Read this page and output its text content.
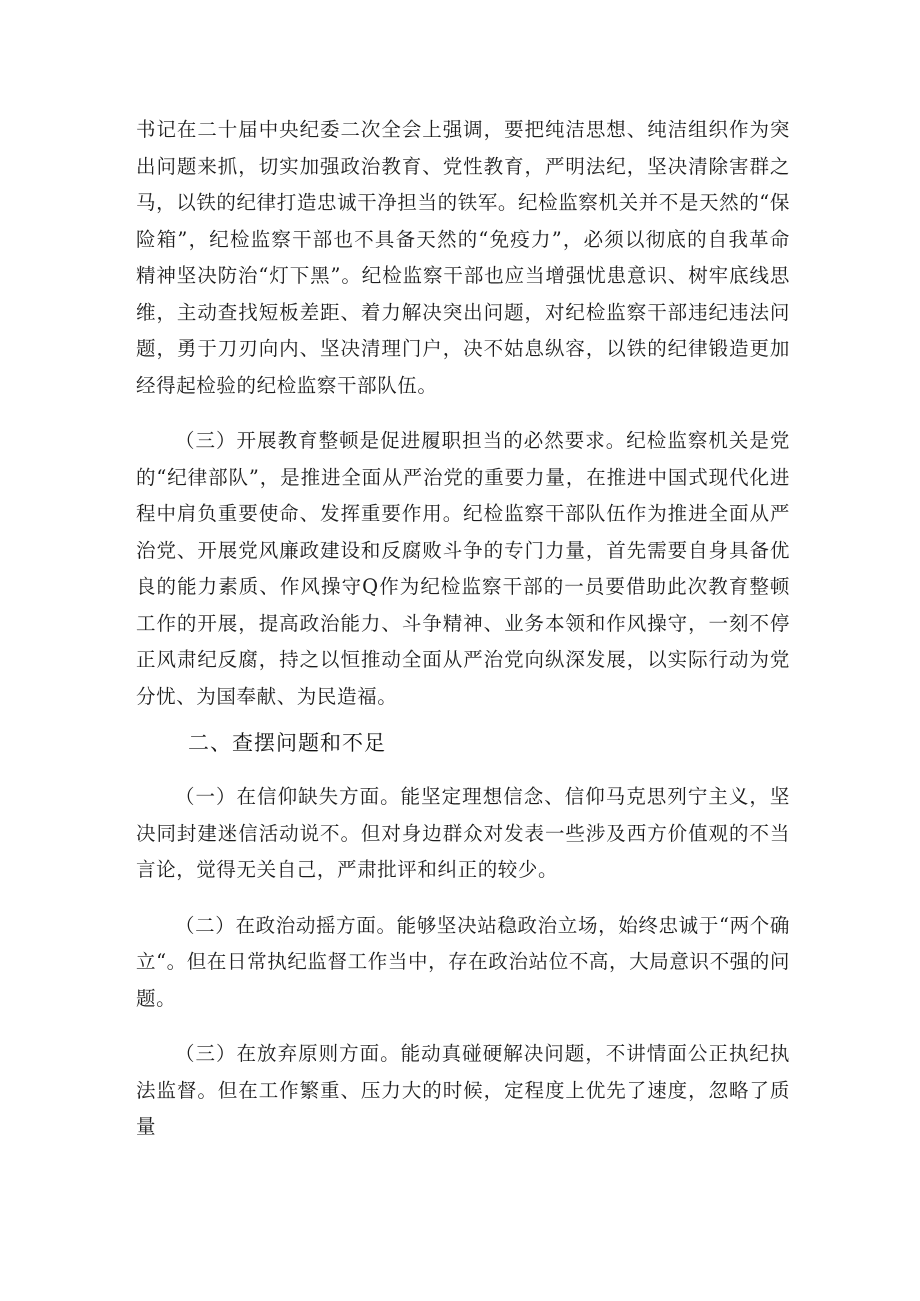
书记在二十届中央纪委二次全会上强调，要把纯洁思想、纯洁组织作为突出问题来抓，切实加强政治教育、党性教育，严明法纪，坚决清除害群之马，以铁的纪律打造忠诚干净担当的铁军。纪检监察机关并不是天然的“保险箱”，纪检监察干部也不具备天然的“免疫力”，必须以彻底的自我革命精神坚决防治“灯下黑”。纪检监察干部也应当增强忧患意识、树牢底线思维，主动查找短板差距、着力解决突出问题，对纪检监察干部违纪违法问题，勇于刀刃向内、坚决清理门户，决不姑息纵容，以铁的纪律锻造更加经得起检验的纪检监察干部队伍。

（三）开展教育整顿是促进履职担当的必然要求。纪检监察机关是党的“纪律部队”，是推进全面从严治党的重要力量，在推进中国式现代化进程中肩负重要使命、发挥重要作用。纪检监察干部队伍作为推进全面从严治党、开展党风廉政建设和反腐败斗争的专门力量，首先需要自身具备优良的能力素质、作风操守Q作为纪检监察干部的一员要借助此次教育整顿工作的开展，提高政治能力、斗争精神、业务本领和作风操守，一刻不停正风肃纪反腐，持之以恒推动全面从严治党向纵深发展，以实际行动为党分忧、为国奉献、为民造福。

二、查摆问题和不足

（一）在信仰缺失方面。能坚定理想信念、信仰马克思列宁主义，坚决同封建迷信活动说不。但对身边群众对发表一些涉及西方价值观的不当言论，觉得无关自己，严肃批评和纠正的较少。

（二）在政治动摇方面。能够坚决站稳政治立场，始终忠诚于“两个确立“。但在日常执纪监督工作当中，存在政治站位不高，大局意识不强的问题。

（三）在放弃原则方面。能动真碰硬解决问题，不讲情面公正执纪执法监督。但在工作繁重、压力大的时候，定程度上优先了速度，忽略了质量
